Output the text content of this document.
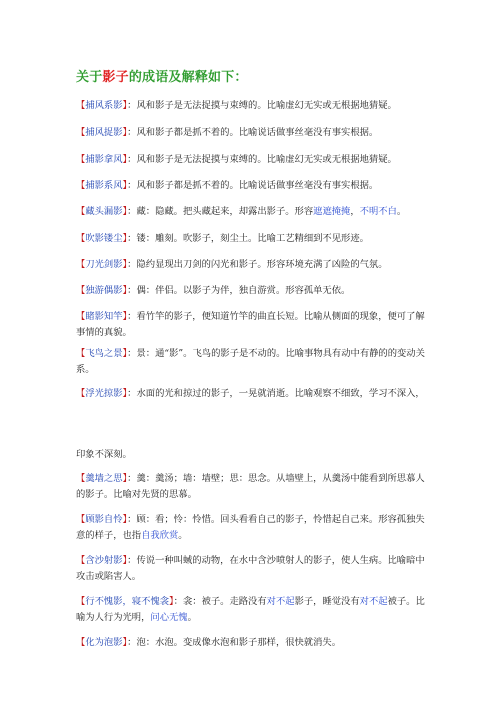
关于影子的成语及解释如下：
【捕风系影】：风和影子是无法捉摸与束缚的。比喻虚幻无实或无根据地猜疑。
【捕风捉影】：风和影子都是抓不着的。比喻说话做事丝毫没有事实根据。
【捕影拿风】：风和影子是无法捉摸与束缚的。比喻虚幻无实或无根据地猜疑。
【捕影系风】：风和影子都是抓不着的。比喻说话做事丝毫没有事实根据。
【藏头漏影】：藏：隐藏。把头藏起来，却露出影子。形容遮遮掩掩，不明不白。
【吹影镂尘】：镂：雕刻。吹影子，刻尘土。比喻工艺精细到不见形迹。
【刀光剑影】：隐约显现出刀剑的闪光和影子。形容环境充满了凶险的气氛。
【独游偶影】：偶：伴侣。以影子为伴，独自游赏。形容孤单无依。
【睹影知竿】：看竹竿的影子，便知道竹竿的曲直长短。比喻从侧面的现象，便可了解事情的真貌。
【飞鸟之景】：景：通“影”。飞鸟的影子是不动的。比喻事物具有动中有静的的变动关系。
【浮光掠影】：水面的光和掠过的影子，一晃就消逝。比喻观察不细致，学习不深入，
印象不深刻。
【羹墙之思】：羹：羹汤；墙：墙壁；思：思念。从墙壁上，从羹汤中能看到所思慕人的影子。比喻对先贤的思慕。
【顾影自怜】：顾：看；怜：怜惜。回头看看自己的影子，怜惜起自己来。形容孤独失意的样子，也指自我欣赏。
【含沙射影】：传说一种叫蜮的动物，在水中含沙喷射人的影子，使人生病。比喻暗中攻击或陷害人。
【行不愧影，寝不愧衾】：衾：被子。走路没有对不起影子，睡觉没有对不起被子。比喻为人行为光明，问心无愧。
【化为泡影】：泡：水泡。变成像水泡和影子那样，很快就消失。
